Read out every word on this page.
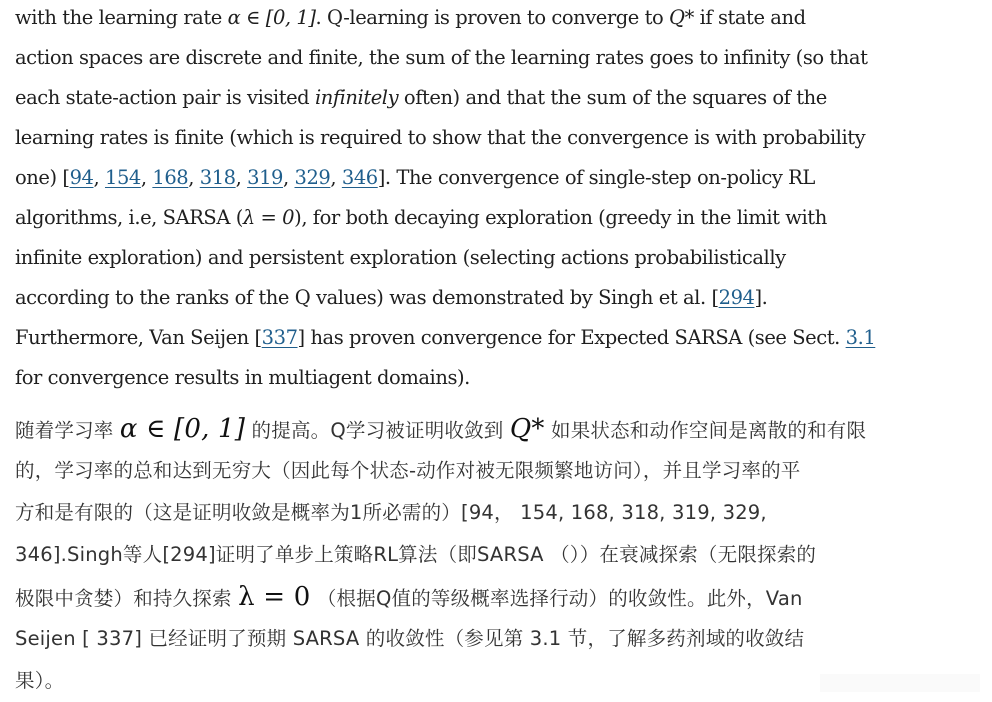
with the learning rate α ∈ [0, 1]. Q-learning is proven to converge to Q* if state and
action spaces are discrete and finite, the sum of the learning rates goes to infinity (so that
each state-action pair is visited infinitely often) and that the sum of the squares of the
learning rates is finite (which is required to show that the convergence is with probability
one) [94, 154, 168, 318, 319, 329, 346]. The convergence of single-step on-policy RL
algorithms, i.e, SARSA (λ = 0), for both decaying exploration (greedy in the limit with
infinite exploration) and persistent exploration (selecting actions probabilistically
according to the ranks of the Q values) was demonstrated by Singh et al. [294].
Furthermore, Van Seijen [337] has proven convergence for Expected SARSA (see Sect. 3.1
for convergence results in multiagent domains).
随着学习率 α ∈ [0, 1] 的提高。Q学习被证明收敛到 Q* 如果状态和动作空间是离散的和有限
的，学习率的总和达到无穷大（因此每个状态-动作对被无限频繁地访问），并且学习率的平
方和是有限的（这是证明收敛是概率为1所必需的）[94， 154, 168, 318, 319, 329,
346].Singh等人[294]证明了单步上策略RL算法（即SARSA （））在衰减探索（无限探索的
极限中贪婪）和持久探索 λ = 0 （根据Q值的等级概率选择行动）的收敛性。此外，Van
Seijen [ 337] 已经证明了预期 SARSA 的收敛性（参见第 3.1 节，了解多药剂域的收敛结
果）。
